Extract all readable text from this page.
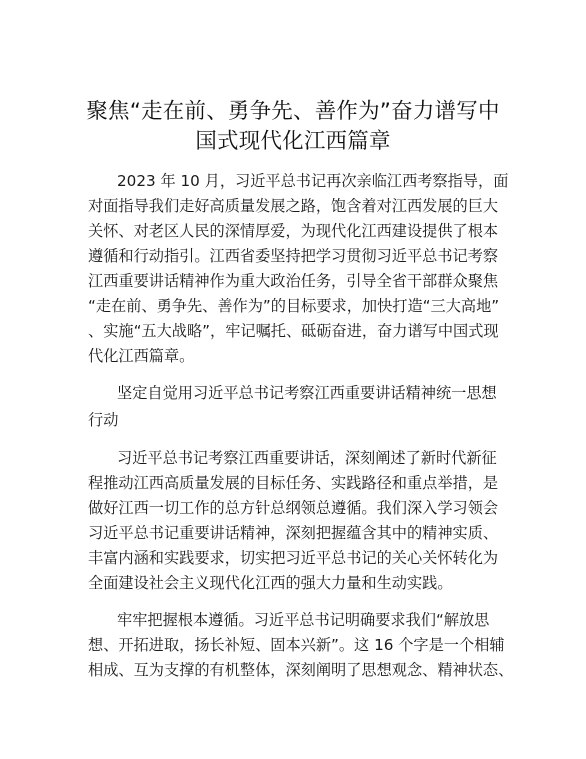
聚焦“走在前、勇争先、善作为”奋力谱写中
国式现代化江西篇章
2023 年 10 月，习近平总书记再次亲临江西考察指导，面
对面指导我们走好高质量发展之路，饱含着对江西发展的巨大
关怀、对老区人民的深情厚爱，为现代化江西建设提供了根本
遵循和行动指引。江西省委坚持把学习贯彻习近平总书记考察
江西重要讲话精神作为重大政治任务，引导全省干部群众聚焦
“走在前、勇争先、善作为”的目标要求，加快打造“三大高地”
、实施“五大战略”，牢记嘱托、砥砺奋进，奋力谱写中国式现
代化江西篇章。
坚定自觉用习近平总书记考察江西重要讲话精神统一思想
行动
习近平总书记考察江西重要讲话，深刻阐述了新时代新征
程推动江西高质量发展的目标任务、实践路径和重点举措，是
做好江西一切工作的总方针总纲领总遵循。我们深入学习领会
习近平总书记重要讲话精神，深刻把握蕴含其中的精神实质、
丰富内涵和实践要求，切实把习近平总书记的关心关怀转化为
全面建设社会主义现代化江西的强大力量和生动实践。
牢牢把握根本遵循。习近平总书记明确要求我们“解放思
想、开拓进取，扬长补短、固本兴新”。这 16 个字是一个相辅
相成、互为支撑的有机整体，深刻阐明了思想观念、精神状态、
